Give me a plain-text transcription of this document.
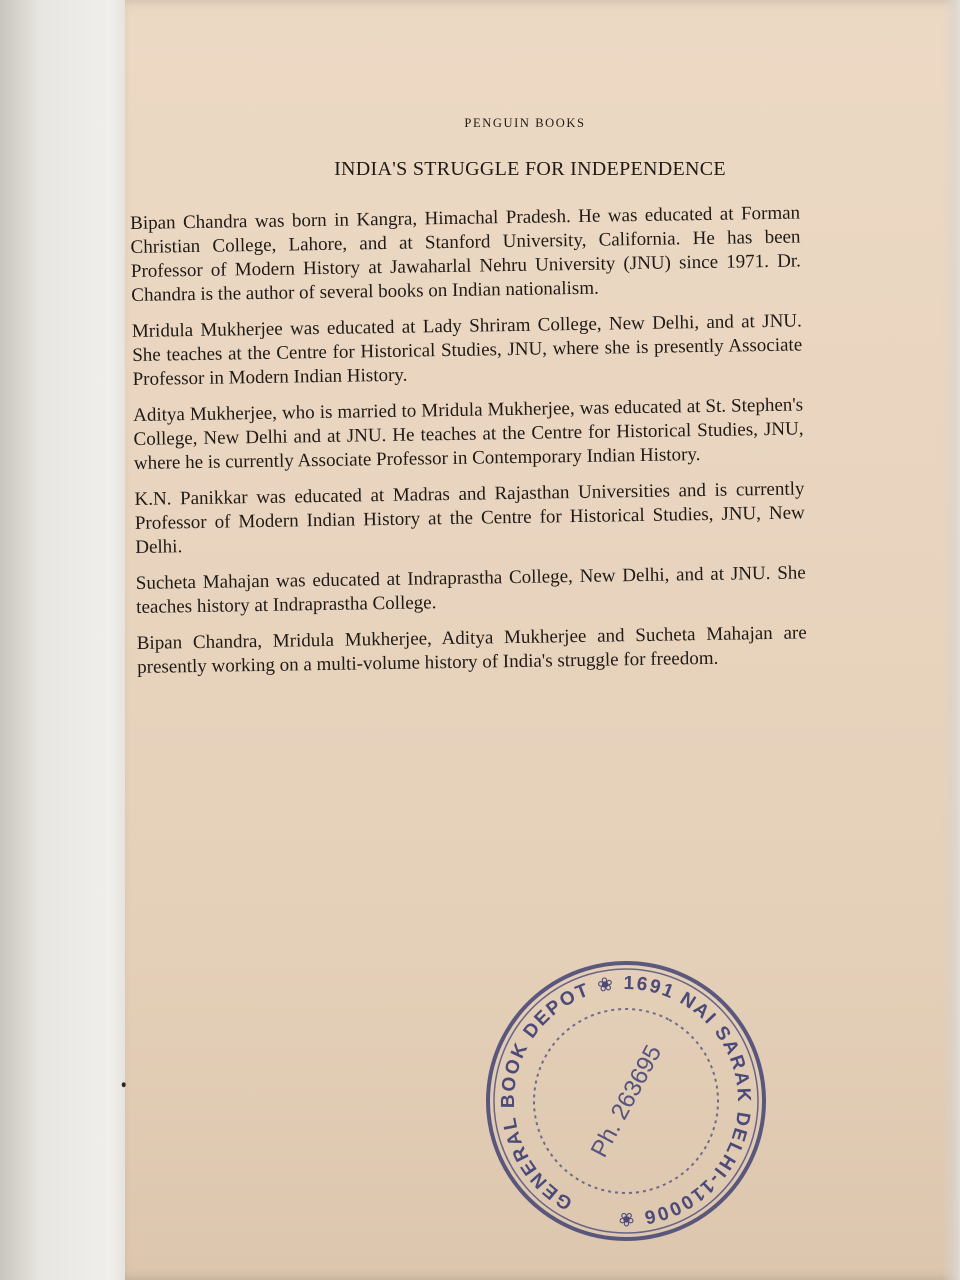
PENGUIN BOOKS
INDIA'S STRUGGLE FOR INDEPENDENCE

Bipan Chandra was born in Kangra, Himachal Pradesh. He was educated at Forman Christian College, Lahore, and at Stanford University, California. He has been Professor of Modern History at Jawaharlal Nehru University (JNU) since 1971. Dr. Chandra is the author of several books on Indian nationalism.

Mridula Mukherjee was educated at Lady Shriram College, New Delhi, and at JNU. She teaches at the Centre for Historical Studies, JNU, where she is presently Associate Professor in Modern Indian History.

Aditya Mukherjee, who is married to Mridula Mukherjee, was educated at St. Stephen's College, New Delhi and at JNU. He teaches at the Centre for Historical Studies, JNU, where he is currently Associate Professor in Contemporary Indian History.

K.N. Panikkar was educated at Madras and Rajasthan Universities and is currently Professor of Modern Indian History at the Centre for Historical Studies, JNU, New Delhi.

Sucheta Mahajan was educated at Indraprastha College, New Delhi, and at JNU. She teaches history at Indraprastha College.

Bipan Chandra, Mridula Mukherjee, Aditya Mukherjee and Sucheta Mahajan are presently working on a multi-volume history of India's struggle for freedom.

GENERAL BOOK DEPOT ❀ 1691 NAI SARAK DELHI-110006 ❀
Ph. 263695
